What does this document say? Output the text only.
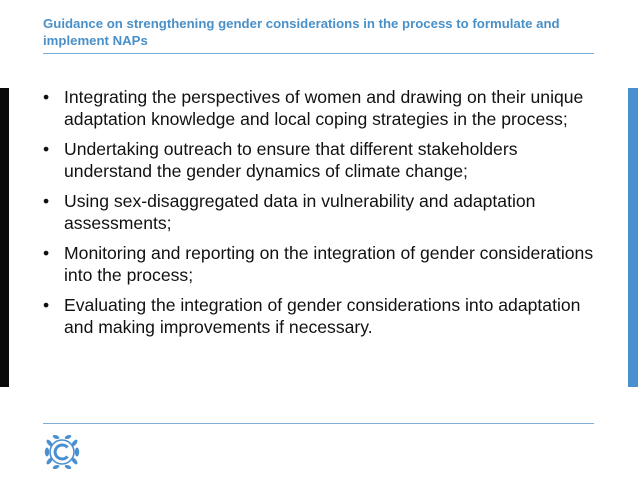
Guidance on strengthening gender considerations in the process to formulate and implement NAPs
• Integrating the perspectives of women and drawing on their unique adaptation knowledge and local coping strategies in the process;
• Undertaking outreach to ensure that different stakeholders understand the gender dynamics of climate change;
• Using sex-disaggregated data in vulnerability and adaptation assessments;
• Monitoring and reporting on the integration of gender considerations into the process;
• Evaluating the integration of gender considerations into adaptation and making improvements if necessary.
